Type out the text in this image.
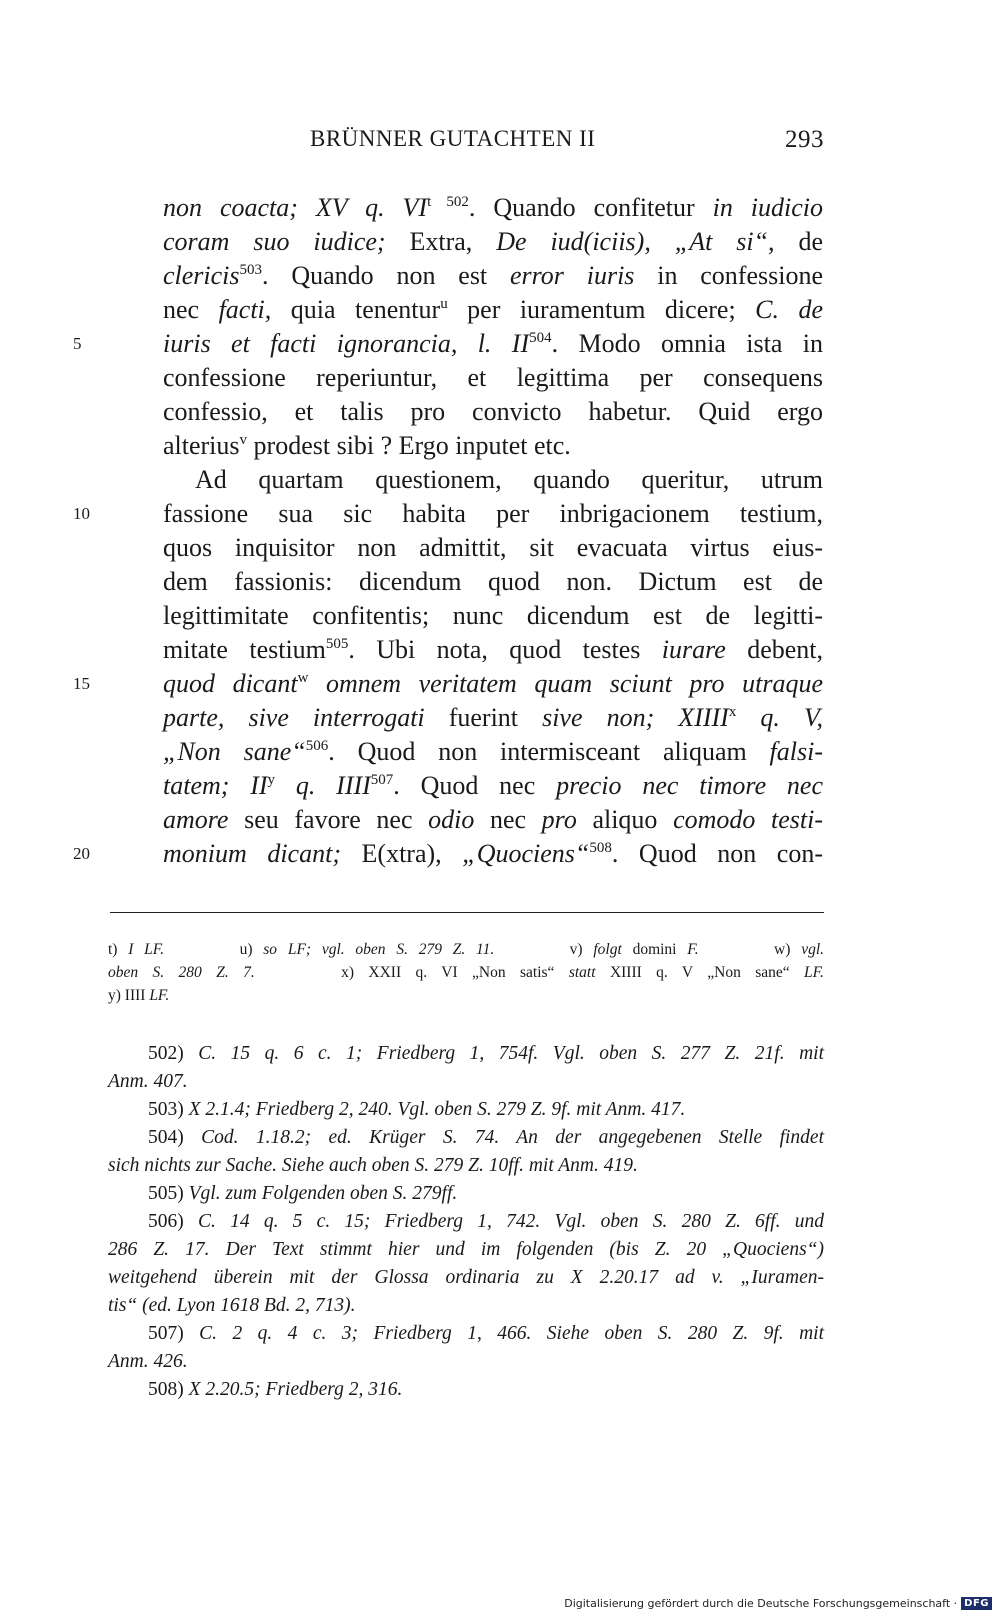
BRÜNNER GUTACHTEN II	293
non coacta; XV q. $VI^{t 502}$. Quando confitetur in iudicio
coram suo iudice; Extra, De iud(iciis), „At si“, de
clericis$^{503}$. Quando non est error iuris in confessione
nec facti, quia tenentur$^u$ per iuramentum dicere; C. de
5	iuris et facti ignorancia, l. II$^{504}$. Modo omnia ista in
confessione reperiuntur, et legittima per consequens
confessio, et talis pro convicto habetur. Quid ergo
alterius$^v$ prodest sibi ? Ergo inputet etc.
Ad quartam questionem, quando queritur, utrum
10	fassione sua sic habita per inbrigacionem testium,
quos inquisitor non admittit, sit evacuata virtus eius-
dem fassionis: dicendum quod non. Dictum est de
legittimitate confitentis; nunc dicendum est de legitti-
mitate testium$^{505}$. Ubi nota, quod testes iurare debent,
15	quod dicant$^w$ omnem veritatem quam sciunt pro utraque
parte, sive interrogati fuerint sive non; XIIII$^x$ q. V,
„Non sane“$^{506}$. Quod non intermisceant aliquam falsi-
tatem; $II^y$ q. IIII$^{507}$. Quod nec precio nec timore nec
amore seu favore nec odio nec pro aliquo comodo testi-
20	monium dicant; E(xtra), „Quociens“$^{508}$. Quod non con-
t) I LF.       u) so LF; vgl. oben S. 279 Z. 11.       v) folgt domini F.       w) vgl.
oben S. 280 Z. 7.      x) XXII q. VI „Non satis“ statt XIIII q. V „Non sane“ LF.
y) IIII LF.
502) C. 15 q. 6 c. 1; Friedberg 1, 754f. Vgl. oben S. 277 Z. 21f. mit
Anm. 407.
503) X 2.1.4; Friedberg 2, 240. Vgl. oben S. 279 Z. 9f. mit Anm. 417.
504) Cod. 1.18.2; ed. Krüger S. 74. An der angegebenen Stelle findet
sich nichts zur Sache. Siehe auch oben S. 279 Z. 10ff. mit Anm. 419.
505) Vgl. zum Folgenden oben S. 279ff.
506) C. 14 q. 5 c. 15; Friedberg 1, 742. Vgl. oben S. 280 Z. 6ff. und
286 Z. 17. Der Text stimmt hier und im folgenden (bis Z. 20 „Quociens“)
weitgehend überein mit der Glossa ordinaria zu X 2.20.17 ad v. „Iuramen-
tis“ (ed. Lyon 1618 Bd. 2, 713).
507) C. 2 q. 4 c. 3; Friedberg 1, 466. Siehe oben S. 280 Z. 9f. mit
Anm. 426.
508) X 2.20.5; Friedberg 2, 316.
Digitalisierung gefördert durch die Deutsche Forschungsgemeinschaft · DFG
